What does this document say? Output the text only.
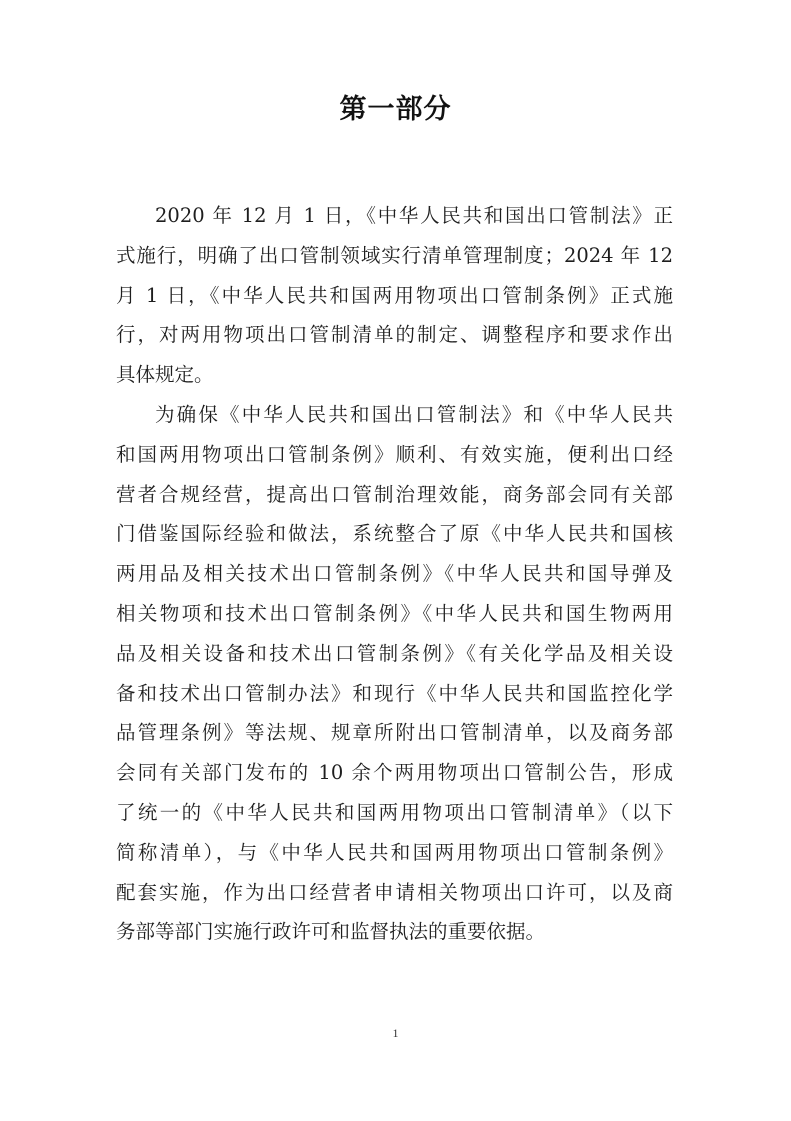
第一部分
2020 年 12 月 1 日，《中华人民共和国出口管制法》正
式施行，明确了出口管制领域实行清单管理制度；2024 年 12
月 1 日，《中华人民共和国两用物项出口管制条例》正式施
行，对两用物项出口管制清单的制定、调整程序和要求作出
具体规定。
为确保《中华人民共和国出口管制法》和《中华人民共
和国两用物项出口管制条例》顺利、有效实施，便利出口经
营者合规经营，提高出口管制治理效能，商务部会同有关部
门借鉴国际经验和做法，系统整合了原《中华人民共和国核
两用品及相关技术出口管制条例》《中华人民共和国导弹及
相关物项和技术出口管制条例》《中华人民共和国生物两用
品及相关设备和技术出口管制条例》《有关化学品及相关设
备和技术出口管制办法》和现行《中华人民共和国监控化学
品管理条例》等法规、规章所附出口管制清单，以及商务部
会同有关部门发布的 10 余个两用物项出口管制公告，形成
了统一的《中华人民共和国两用物项出口管制清单》（以下
简称清单），与《中华人民共和国两用物项出口管制条例》
配套实施，作为出口经营者申请相关物项出口许可，以及商
务部等部门实施行政许可和监督执法的重要依据。
1
